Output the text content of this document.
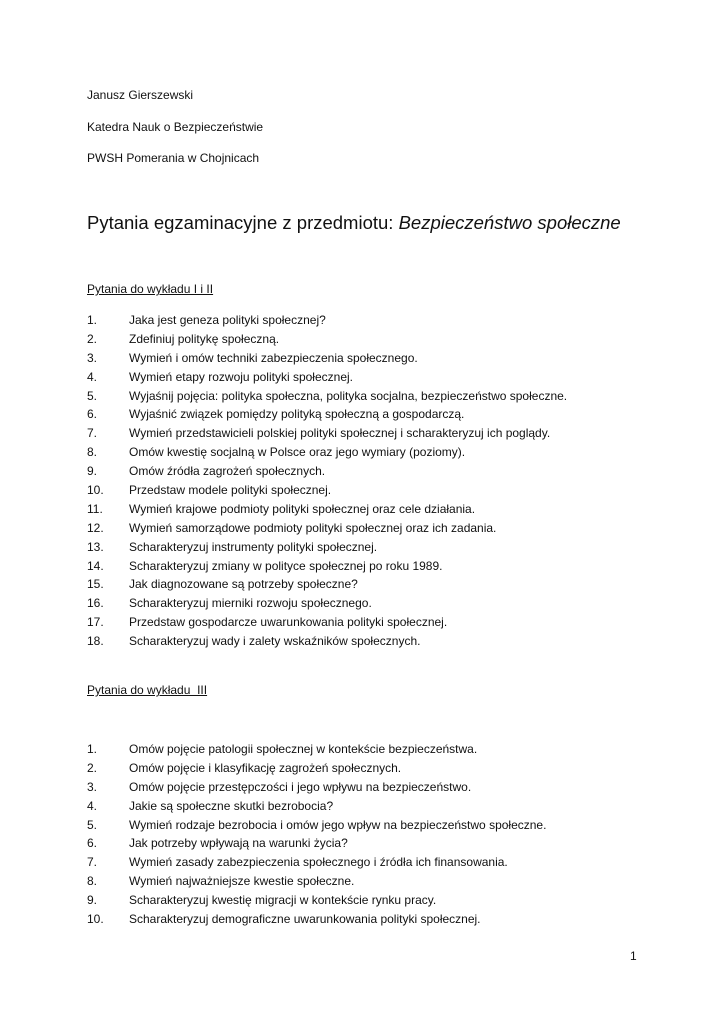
Janusz Gierszewski
Katedra Nauk o Bezpieczeństwie
PWSH Pomerania w Chojnicach
Pytania egzaminacyjne z przedmiotu: Bezpieczeństwo społeczne
Pytania do wykładu I i II
1.	Jaka jest geneza polityki społecznej?
2.	Zdefiniuj politykę społeczną.
3.	Wymień i omów techniki zabezpieczenia społecznego.
4.	Wymień etapy rozwoju polityki społecznej.
5.	Wyjaśnij pojęcia: polityka społeczna, polityka socjalna, bezpieczeństwo społeczne.
6.	Wyjaśnić związek pomiędzy polityką społeczną a gospodarczą.
7.	Wymień przedstawicieli polskiej polityki społecznej i scharakteryzuj ich poglądy.
8.	Omów kwestię socjalną w Polsce oraz jego wymiary (poziomy).
9.	Omów źródła zagrożeń społecznych.
10. Przedstaw modele polityki społecznej.
11. Wymień krajowe podmioty polityki społecznej oraz cele działania.
12. Wymień samorządowe podmioty polityki społecznej oraz ich zadania.
13. Scharakteryzuj instrumenty polityki społecznej.
14. Scharakteryzuj zmiany w polityce społecznej po roku 1989.
15. Jak diagnozowane są potrzeby społeczne?
16. Scharakteryzuj mierniki rozwoju społecznego.
17. Przedstaw gospodarcze uwarunkowania polityki społecznej.
18. Scharakteryzuj wady i zalety wskaźników społecznych.
Pytania do wykładu  III
1.	Omów pojęcie patologii społecznej w kontekście bezpieczeństwa.
2.	Omów pojęcie i klasyfikację zagrożeń społecznych.
3.	Omów pojęcie przestępczości i jego wpływu na bezpieczeństwo.
4.	Jakie są społeczne skutki bezrobocia?
5.	Wymień rodzaje bezrobocia i omów jego wpływ na bezpieczeństwo społeczne.
6.	Jak potrzeby wpływają na warunki życia?
7.	Wymień zasady zabezpieczenia społecznego i źródła ich finansowania.
8.	Wymień najważniejsze kwestie społeczne.
9.	Scharakteryzuj kwestię migracji w kontekście rynku pracy.
10. Scharakteryzuj demograficzne uwarunkowania polityki społecznej.
1
